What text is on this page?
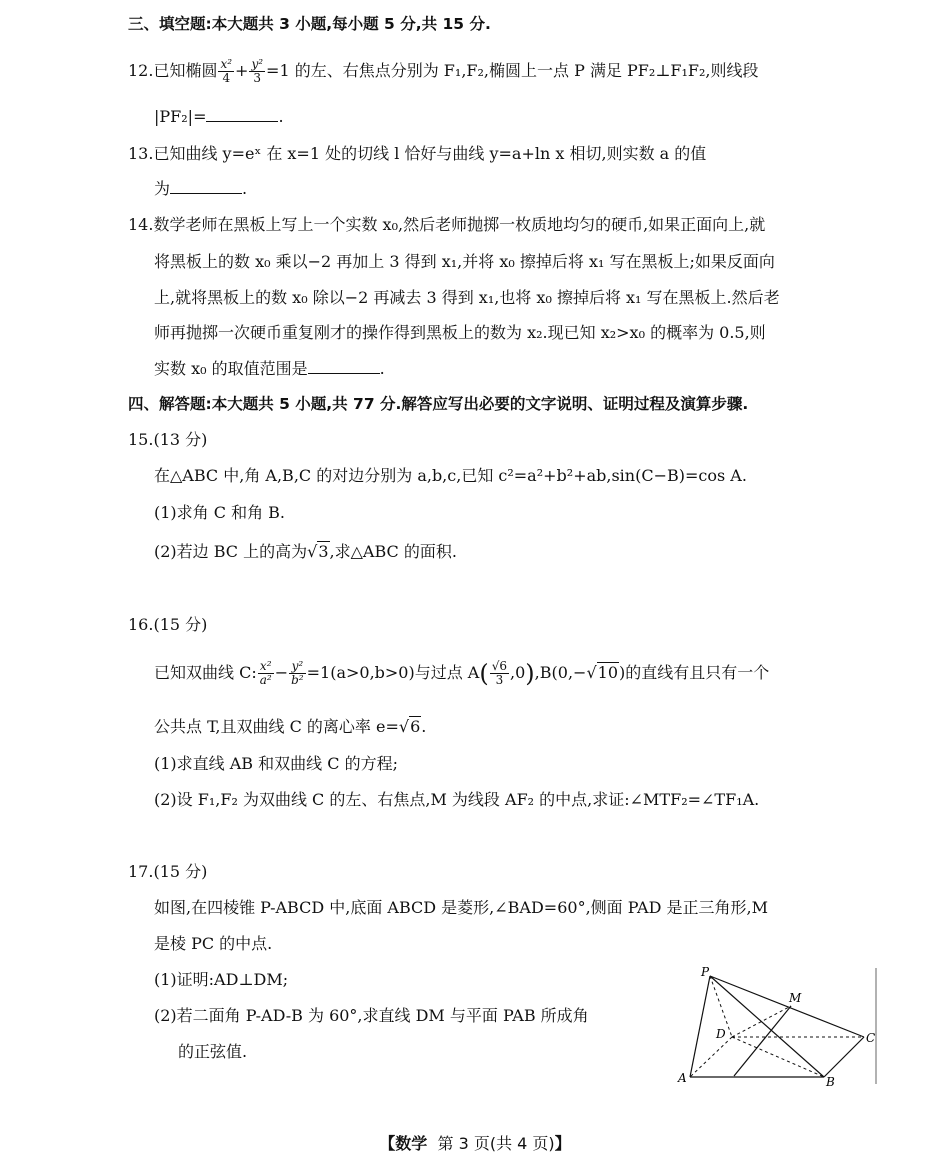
三、填空题:本大题共 3 小题,每小题 5 分,共 15 分.
12.已知椭圆 $\frac{\text{x²}}{4} + \frac{\text{y²}}{3} =1$ 的左、右焦点分别为 F₁,F₂,椭圆上一点 P 满足 PF₂⊥F₁F₂,则线段
|PF₂|=	.
13.已知曲线 y=eˣ 在 x=1 处的切线 l 恰好与曲线 y=a+ln x 相切,则实数 a 的值
为	.
14.数学老师在黑板上写上一个实数 x₀,然后老师抛掷一枚质地均匀的硬币,如果正面向上,就
将黑板上的数 x₀ 乘以−2 再加上 3 得到 x₁,并将 x₀ 擦掉后将 x₁ 写在黑板上;如果反面向
上,就将黑板上的数 x₀ 除以−2 再减去 3 得到 x₁,也将 x₀ 擦掉后将 x₁ 写在黑板上.然后老
师再抛掷一次硬币重复刚才的操作得到黑板上的数为 x₂.现已知 x₂>x₀ 的概率为 0.5,则
实数 x₀ 的取值范围是	.
四、解答题:本大题共 5 小题,共 77 分.解答应写出必要的文字说明、证明过程及演算步骤.
15.(13 分)
在△ABC 中,角 A,B,C 的对边分别为 a,b,c,已知 c²=a²+b²+ab,sin(C−B)=cos A.
(1)求角 C 和角 B.
(2)若边 BC 上的高为√3,求△ABC 的面积.
16.(15 分)
已知双曲线 C: $\frac{\text{x²}}{\text{a²}} - \frac{\text{y²}}{\text{b²}} =1(a>0,b>0)$与过点 $A( \frac{√6}{3} ,0),B(0,-√10)$的直线有且只有一个
公共点 T,且双曲线 C 的离心率 e=√6.
(1)求直线 AB 和双曲线 C 的方程;
(2)设 F₁,F₂ 为双曲线 C 的左、右焦点,M 为线段 AF₂ 的中点,求证:∠MTF₂=∠TF₁A.
17.(15 分)
如图,在四棱锥 P-ABCD 中,底面 ABCD 是菱形,∠BAD=60°,侧面 PAD 是正三角形,M
是棱 PC 的中点.
(1)证明:AD⊥DM;
(2)若二面角 P-AD-B 为 60°,求直线 DM 与平面 PAB 所成角
的正弦值.
P
M
D	C
A	B
【数学 第 3 页(共 4 页)】
